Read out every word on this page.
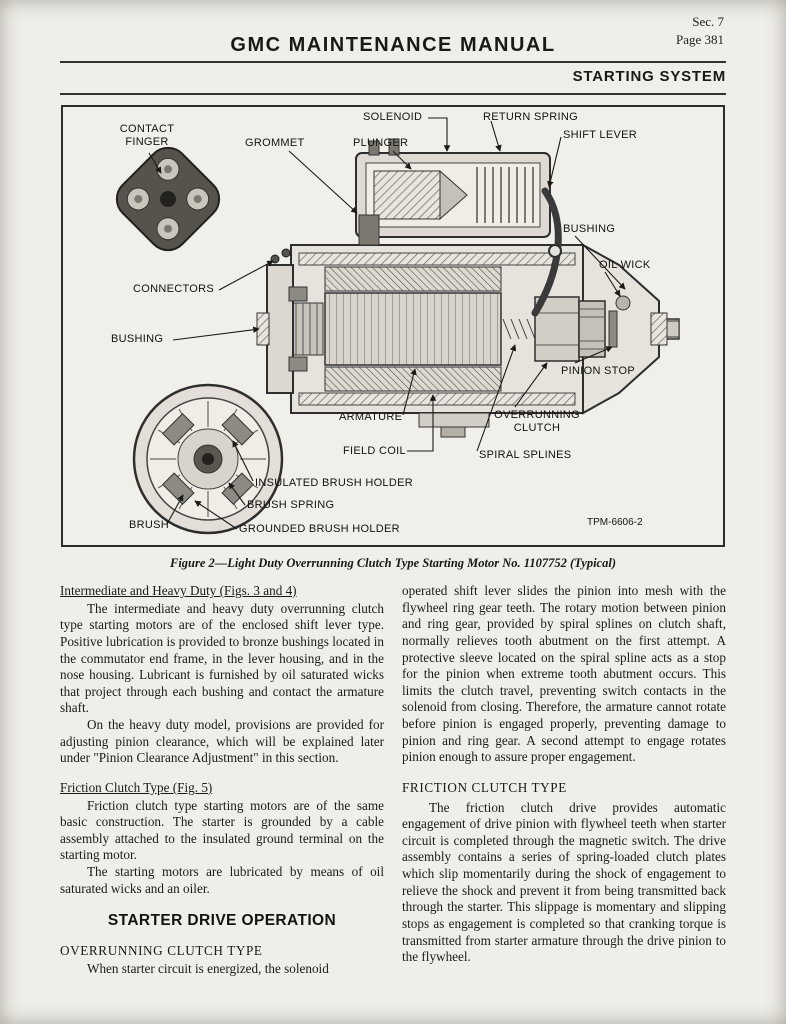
Sec. 7
Page 381
GMC MAINTENANCE MANUAL
STARTING SYSTEM
CONTACT FINGER	GROMMET
SOLENOID	RETURN SPRING
PLUNGER
SHIFT LEVER
BUSHING
OIL WICK
CONNECTORS
BUSHING
PINION STOP
ARMATURE	OVERRUNNING CLUTCH
FIELD COIL	SPIRAL SPLINES
INSULATED BRUSH HOLDER
BRUSH SPRING
BRUSH	GROUNDED BRUSH HOLDER
TPM-6606-2
Figure 2—Light Duty Overrunning Clutch Type Starting Motor No. 1107752 (Typical)
Intermediate and Heavy Duty (Figs. 3 and 4)

The intermediate and heavy duty overrunning clutch type starting motors are of the enclosed shift lever type. Positive lubrication is provided to bronze bushings located in the commutator end frame, in the lever housing, and in the nose housing. Lubricant is furnished by oil saturated wicks that project through each bushing and contact the armature shaft.

On the heavy duty model, provisions are provided for adjusting pinion clearance, which will be explained later under "Pinion Clearance Adjustment" in this section.

Friction Clutch Type (Fig. 5)

Friction clutch type starting motors are of the same basic construction. The starter is grounded by a cable assembly attached to the insulated ground terminal on the starting motor.

The starting motors are lubricated by means of oil saturated wicks and an oiler.

STARTER DRIVE OPERATION
OVERRUNNING CLUTCH TYPE

When starter circuit is energized, the solenoid

operated shift lever slides the pinion into mesh with the flywheel ring gear teeth. The rotary motion between pinion and ring gear, provided by spiral splines on clutch shaft, normally relieves tooth abutment on the first attempt. A protective sleeve located on the spiral spline acts as a stop for the pinion when extreme tooth abutment occurs. This limits the clutch travel, preventing switch contacts in the solenoid from closing. Therefore, the armature cannot rotate before pinion is engaged properly, preventing damage to pinion and ring gear. A second attempt to engage rotates pinion enough to assure proper engagement.

FRICTION CLUTCH TYPE

The friction clutch drive provides automatic engagement of drive pinion with flywheel teeth when starter circuit is completed through the magnetic switch. The drive assembly contains a series of spring-loaded clutch plates which slip momentarily during the shock of engagement to relieve the shock and prevent it from being transmitted back through the starter. This slippage is momentary and slipping stops as engagement is completed so that cranking torque is transmitted from starter armature through the drive pinion to the flywheel.
